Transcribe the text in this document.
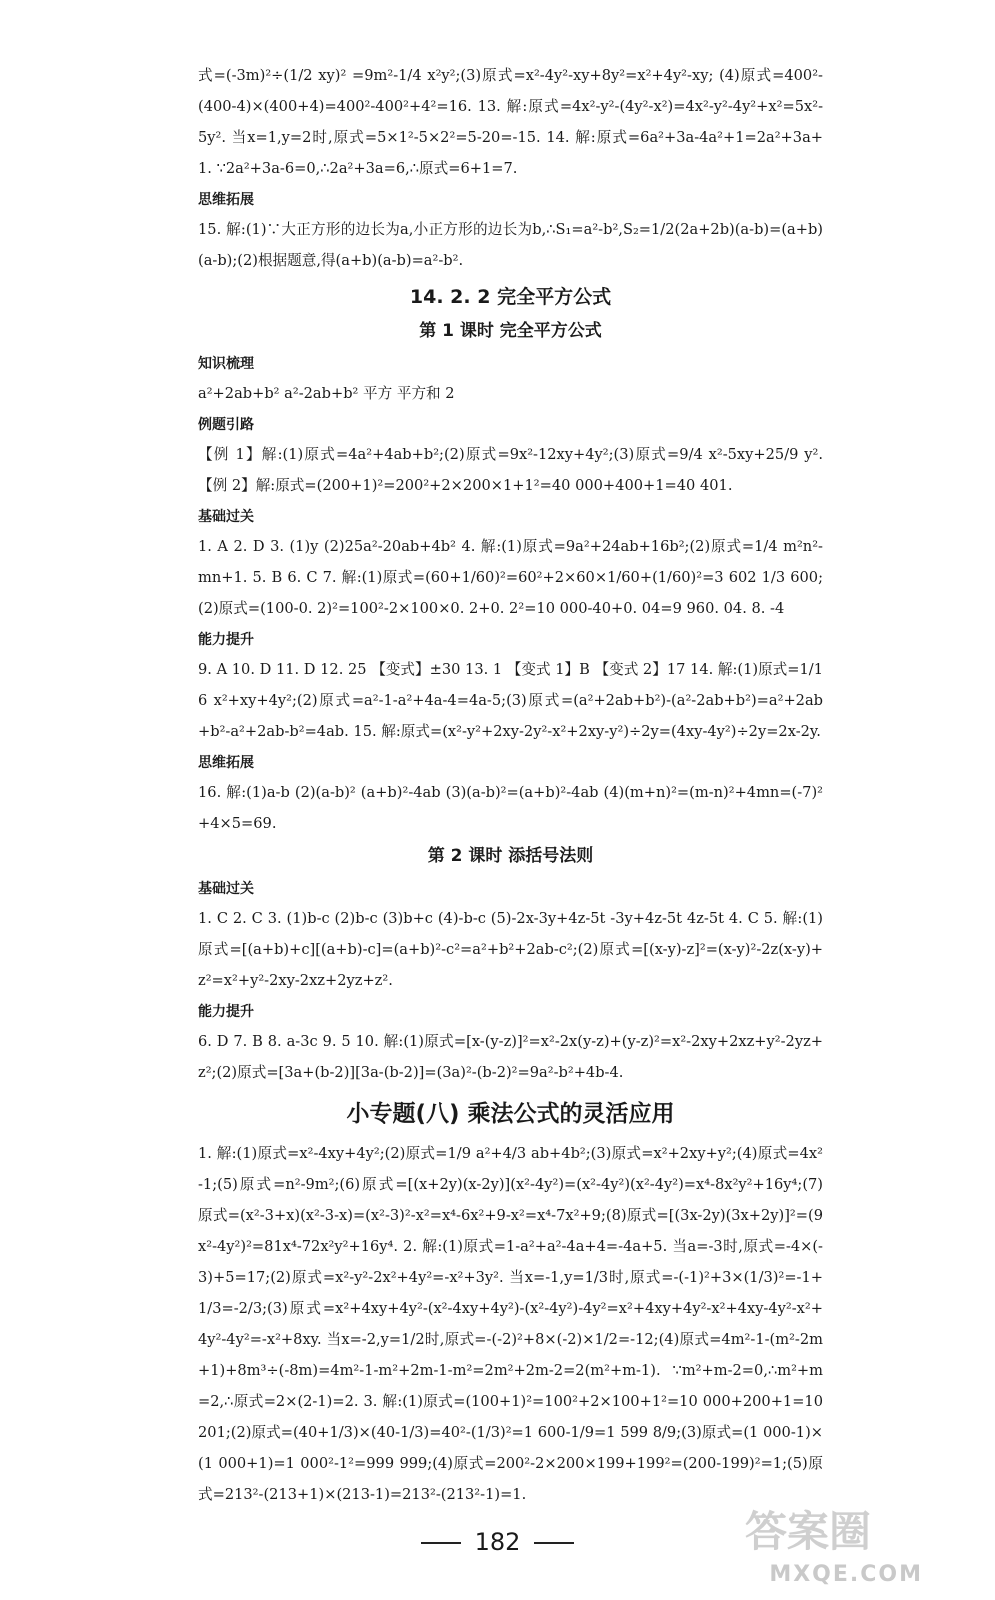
式=(-3m)²÷(1/2 xy)² =9m²-1/4 x²y²;(3)原式=x²-4y²-xy+8y²=x²+4y²-xy; (4)原式=400²-(400-4)×(400+4)=400²-400²+4²=16. 13. 解:原式=4x²-y²-(4y²-x²)=4x²-y²-4y²+x²=5x²-5y². 当x=1,y=2时,原式=5×1²-5×2²=5-20=-15. 14. 解:原式=6a²+3a-4a²+1=2a²+3a+1. ∵2a²+3a-6=0,∴2a²+3a=6,∴原式=6+1=7.

思维拓展

15. 解:(1)∵大正方形的边长为a,小正方形的边长为b,∴S₁=a²-b²,S₂=1/2(2a+2b)(a-b)=(a+b)(a-b);(2)根据题意,得(a+b)(a-b)=a²-b².

14. 2. 2 完全平方公式

第 1 课时 完全平方公式

知识梳理

a²+2ab+b² a²-2ab+b² 平方 平方和 2

例题引路

【例 1】解:(1)原式=4a²+4ab+b²;(2)原式=9x²-12xy+4y²;(3)原式=9/4 x²-5xy+25/9 y². 【例 2】解:原式=(200+1)²=200²+2×200×1+1²=40 000+400+1=40 401.

基础过关

1. A 2. D 3. (1)y (2)25a²-20ab+4b² 4. 解:(1)原式=9a²+24ab+16b²;(2)原式=1/4 m²n²-mn+1. 5. B 6. C 7. 解:(1)原式=(60+1/60)²=60²+2×60×1/60+(1/60)²=3 602 1/3 600;(2)原式=(100-0. 2)²=100²-2×100×0. 2+0. 2²=10 000-40+0. 04=9 960. 04. 8. -4

能力提升

9. A 10. D 11. D 12. 25 【变式】±30 13. 1 【变式 1】B 【变式 2】17 14. 解:(1)原式=1/16 x²+xy+4y²;(2)原式=a²-1-a²+4a-4=4a-5;(3)原式=(a²+2ab+b²)-(a²-2ab+b²)=a²+2ab+b²-a²+2ab-b²=4ab. 15. 解:原式=(x²-y²+2xy-2y²-x²+2xy-y²)÷2y=(4xy-4y²)÷2y=2x-2y.

思维拓展

16. 解:(1)a-b (2)(a-b)² (a+b)²-4ab (3)(a-b)²=(a+b)²-4ab (4)(m+n)²=(m-n)²+4mn=(-7)²+4×5=69.

第 2 课时 添括号法则

基础过关

1. C 2. C 3. (1)b-c (2)b-c (3)b+c (4)-b-c (5)-2x-3y+4z-5t -3y+4z-5t 4z-5t 4. C 5. 解:(1)原式=[(a+b)+c][(a+b)-c]=(a+b)²-c²=a²+b²+2ab-c²;(2)原式=[(x-y)-z]²=(x-y)²-2z(x-y)+z²=x²+y²-2xy-2xz+2yz+z².

能力提升

6. D 7. B 8. a-3c 9. 5 10. 解:(1)原式=[x-(y-z)]²=x²-2x(y-z)+(y-z)²=x²-2xy+2xz+y²-2yz+z²;(2)原式=[3a+(b-2)][3a-(b-2)]=(3a)²-(b-2)²=9a²-b²+4b-4.

小专题(八) 乘法公式的灵活应用

1. 解:(1)原式=x²-4xy+4y²;(2)原式=1/9 a²+4/3 ab+4b²;(3)原式=x²+2xy+y²;(4)原式=4x²-1;(5)原式=n²-9m²;(6)原式=[(x+2y)(x-2y)](x²-4y²)=(x²-4y²)(x²-4y²)=x⁴-8x²y²+16y⁴;(7)原式=(x²-3+x)(x²-3-x)=(x²-3)²-x²=x⁴-6x²+9-x²=x⁴-7x²+9;(8)原式=[(3x-2y)(3x+2y)]²=(9x²-4y²)²=81x⁴-72x²y²+16y⁴. 2. 解:(1)原式=1-a²+a²-4a+4=-4a+5. 当a=-3时,原式=-4×(-3)+5=17;(2)原式=x²-y²-2x²+4y²=-x²+3y². 当x=-1,y=1/3时,原式=-(-1)²+3×(1/3)²=-1+1/3=-2/3;(3)原式=x²+4xy+4y²-(x²-4xy+4y²)-(x²-4y²)-4y²=x²+4xy+4y²-x²+4xy-4y²-x²+4y²-4y²=-x²+8xy. 当x=-2,y=1/2时,原式=-(-2)²+8×(-2)×1/2=-12;(4)原式=4m²-1-(m²-2m+1)+8m³÷(-8m)=4m²-1-m²+2m-1-m²=2m²+2m-2=2(m²+m-1). ∵m²+m-2=0,∴m²+m=2,∴原式=2×(2-1)=2. 3. 解:(1)原式=(100+1)²=100²+2×100+1²=10 000+200+1=10 201;(2)原式=(40+1/3)×(40-1/3)=40²-(1/3)²=1 600-1/9=1 599 8/9;(3)原式=(1 000-1)×(1 000+1)=1 000²-1²=999 999;(4)原式=200²-2×200×199+199²=(200-199)²=1;(5)原式=213²-(213+1)×(213-1)=213²-(213²-1)=1.

182	答案圈
MXQE.COM
